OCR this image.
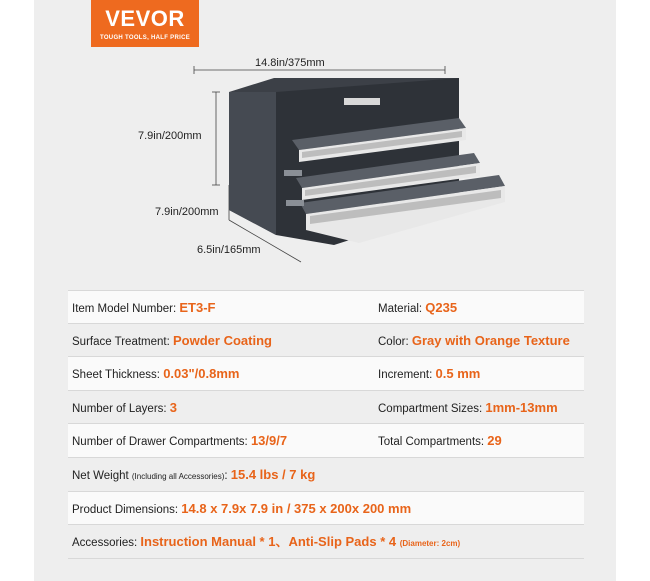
VEVOR
TOUGH TOOLS, HALF PRICE
14.8in/375mm
7.9in/200mm
7.9in/200mm
6.5in/165mm
Item Model Number: ET3-F	Material: Q235
Surface Treatment: Powder Coating	Color: Gray with Orange Texture
Sheet Thickness: 0.03"/0.8mm	Increment: 0.5 mm
Number of Layers: 3	Compartment Sizes: 1mm-13mm
Number of Drawer Compartments: 13/9/7	Total Compartments: 29
Net Weight (Including all Accessories): 15.4 lbs / 7 kg
Product Dimensions: 14.8 x 7.9x 7.9 in / 375 x 200x 200 mm
Accessories: Instruction Manual * 1、Anti-Slip Pads * 4 (Diameter: 2cm)
